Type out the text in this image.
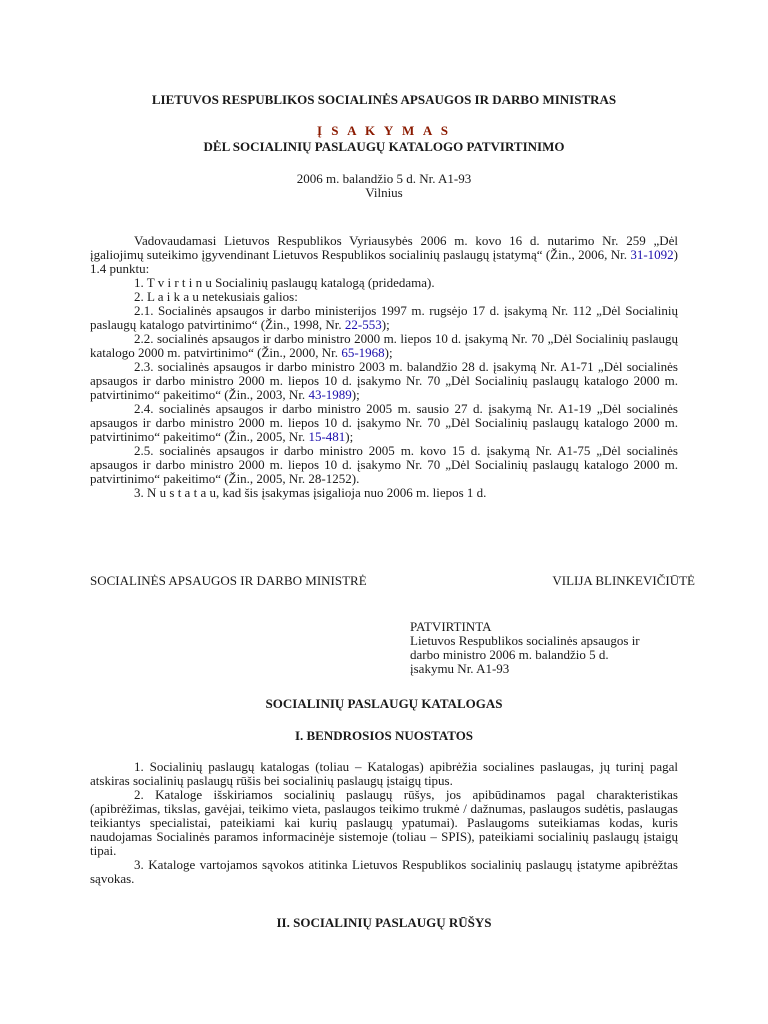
LIETUVOS RESPUBLIKOS SOCIALINĖS APSAUGOS IR DARBO MINISTRAS
Į S A K Y M A S
DĖL SOCIALINIŲ PASLAUGŲ KATALOGO PATVIRTINIMO
2006 m. balandžio 5 d. Nr. A1-93
Vilnius

Vadovaudamasi Lietuvos Respublikos Vyriausybės 2006 m. kovo 16 d. nutarimo Nr. 259 „Dėl įgaliojimų suteikimo įgyvendinant Lietuvos Respublikos socialinių paslaugų įstatymą“ (Žin., 2006, Nr. 31-1092) 1.4 punktu:

1. T v i r t i n u Socialinių paslaugų katalogą (pridedama).

2. L a i k a u netekusiais galios:

2.1. Socialinės apsaugos ir darbo ministerijos 1997 m. rugsėjo 17 d. įsakymą Nr. 112 „Dėl Socialinių paslaugų katalogo patvirtinimo“ (Žin., 1998, Nr. 22-553);

2.2. socialinės apsaugos ir darbo ministro 2000 m. liepos 10 d. įsakymą Nr. 70 „Dėl Socialinių paslaugų katalogo 2000 m. patvirtinimo“ (Žin., 2000, Nr. 65-1968);

2.3. socialinės apsaugos ir darbo ministro 2003 m. balandžio 28 d. įsakymą Nr. A1-71 „Dėl socialinės apsaugos ir darbo ministro 2000 m. liepos 10 d. įsakymo Nr. 70 „Dėl Socialinių paslaugų katalogo 2000 m. patvirtinimo“ pakeitimo“ (Žin., 2003, Nr. 43-1989);

2.4. socialinės apsaugos ir darbo ministro 2005 m. sausio 27 d. įsakymą Nr. A1-19 „Dėl socialinės apsaugos ir darbo ministro 2000 m. liepos 10 d. įsakymo Nr. 70 „Dėl Socialinių paslaugų katalogo 2000 m. patvirtinimo“ pakeitimo“ (Žin., 2005, Nr. 15-481);

2.5. socialinės apsaugos ir darbo ministro 2005 m. kovo 15 d. įsakymą Nr. A1-75 „Dėl socialinės apsaugos ir darbo ministro 2000 m. liepos 10 d. įsakymo Nr. 70 „Dėl Socialinių paslaugų katalogo 2000 m. patvirtinimo“ pakeitimo“ (Žin., 2005, Nr. 28-1252).

3. N u s t a t a u, kad šis įsakymas įsigalioja nuo 2006 m. liepos 1 d.

SOCIALINĖS APSAUGOS IR DARBO MINISTRĖ	VILIJA BLINKEVIČIŪTĖ

PATVIRTINTA

Lietuvos Respublikos socialinės apsaugos ir

darbo ministro 2006 m. balandžio 5 d.

įsakymu Nr. A1-93

SOCIALINIŲ PASLAUGŲ KATALOGAS
I. BENDROSIOS NUOSTATOS

1. Socialinių paslaugų katalogas (toliau – Katalogas) apibrėžia socialines paslaugas, jų turinį pagal atskiras socialinių paslaugų rūšis bei socialinių paslaugų įstaigų tipus.

2. Kataloge išskiriamos socialinių paslaugų rūšys, jos apibūdinamos pagal charakteristikas (apibrėžimas, tikslas, gavėjai, teikimo vieta, paslaugos teikimo trukmė / dažnumas, paslaugos sudėtis, paslaugas teikiantys specialistai, pateikiami kai kurių paslaugų ypatumai). Paslaugoms suteikiamas kodas, kuris naudojamas Socialinės paramos informacinėje sistemoje (toliau – SPIS), pateikiami socialinių paslaugų įstaigų tipai.

3. Kataloge vartojamos sąvokos atitinka Lietuvos Respublikos socialinių paslaugų įstatyme apibrėžtas sąvokas.

II. SOCIALINIŲ PASLAUGŲ RŪŠYS
